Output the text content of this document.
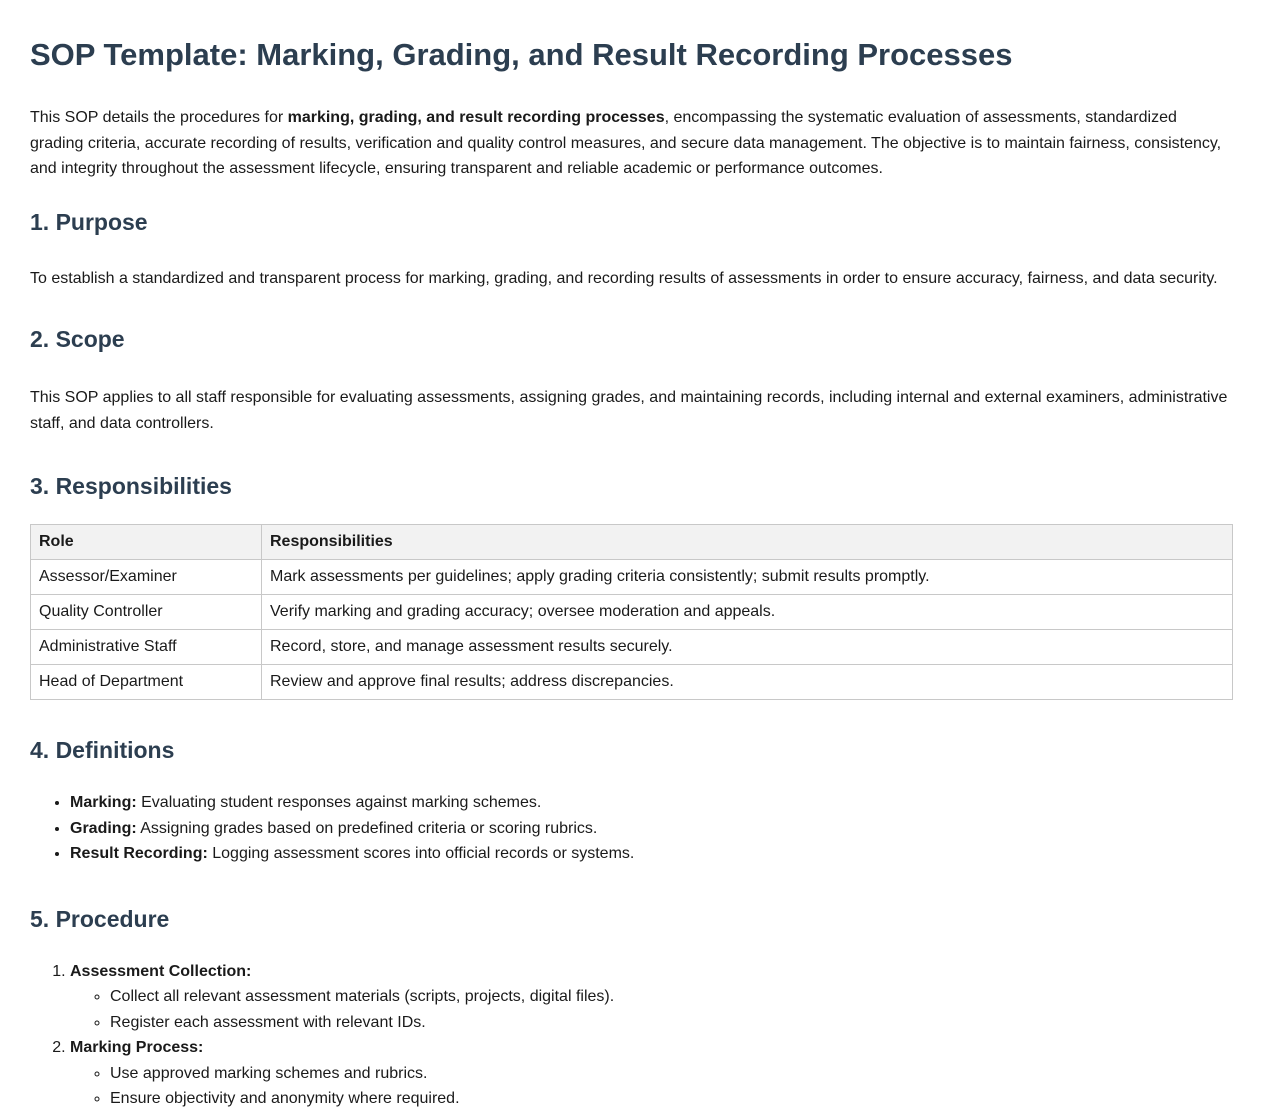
SOP Template: Marking, Grading, and Result Recording Processes

This SOP details the procedures for marking, grading, and result recording processes, encompassing the systematic evaluation of assessments, standardized grading criteria, accurate recording of results, verification and quality control measures, and secure data management. The objective is to maintain fairness, consistency, and integrity throughout the assessment lifecycle, ensuring transparent and reliable academic or performance outcomes.

1. Purpose

To establish a standardized and transparent process for marking, grading, and recording results of assessments in order to ensure accuracy, fairness, and data security.

2. Scope

This SOP applies to all staff responsible for evaluating assessments, assigning grades, and maintaining records, including internal and external examiners, administrative staff, and data controllers.

3. Responsibilities
Role	Responsibilities
Assessor/Examiner	Mark assessments per guidelines; apply grading criteria consistently; submit results promptly.
Quality Controller	Verify marking and grading accuracy; oversee moderation and appeals.
Administrative Staff	Record, store, and manage assessment results securely.
Head of Department	Review and approve final results; address discrepancies.
4. Definitions
• Marking: Evaluating student responses against marking schemes.
• Grading: Assigning grades based on predefined criteria or scoring rubrics.
• Result Recording: Logging assessment scores into official records or systems.
5. Procedure
1. Assessment Collection:
◦ Collect all relevant assessment materials (scripts, projects, digital files).
◦ Register each assessment with relevant IDs.
2. Marking Process:
◦ Use approved marking schemes and rubrics.
◦ Ensure objectivity and anonymity where required.
